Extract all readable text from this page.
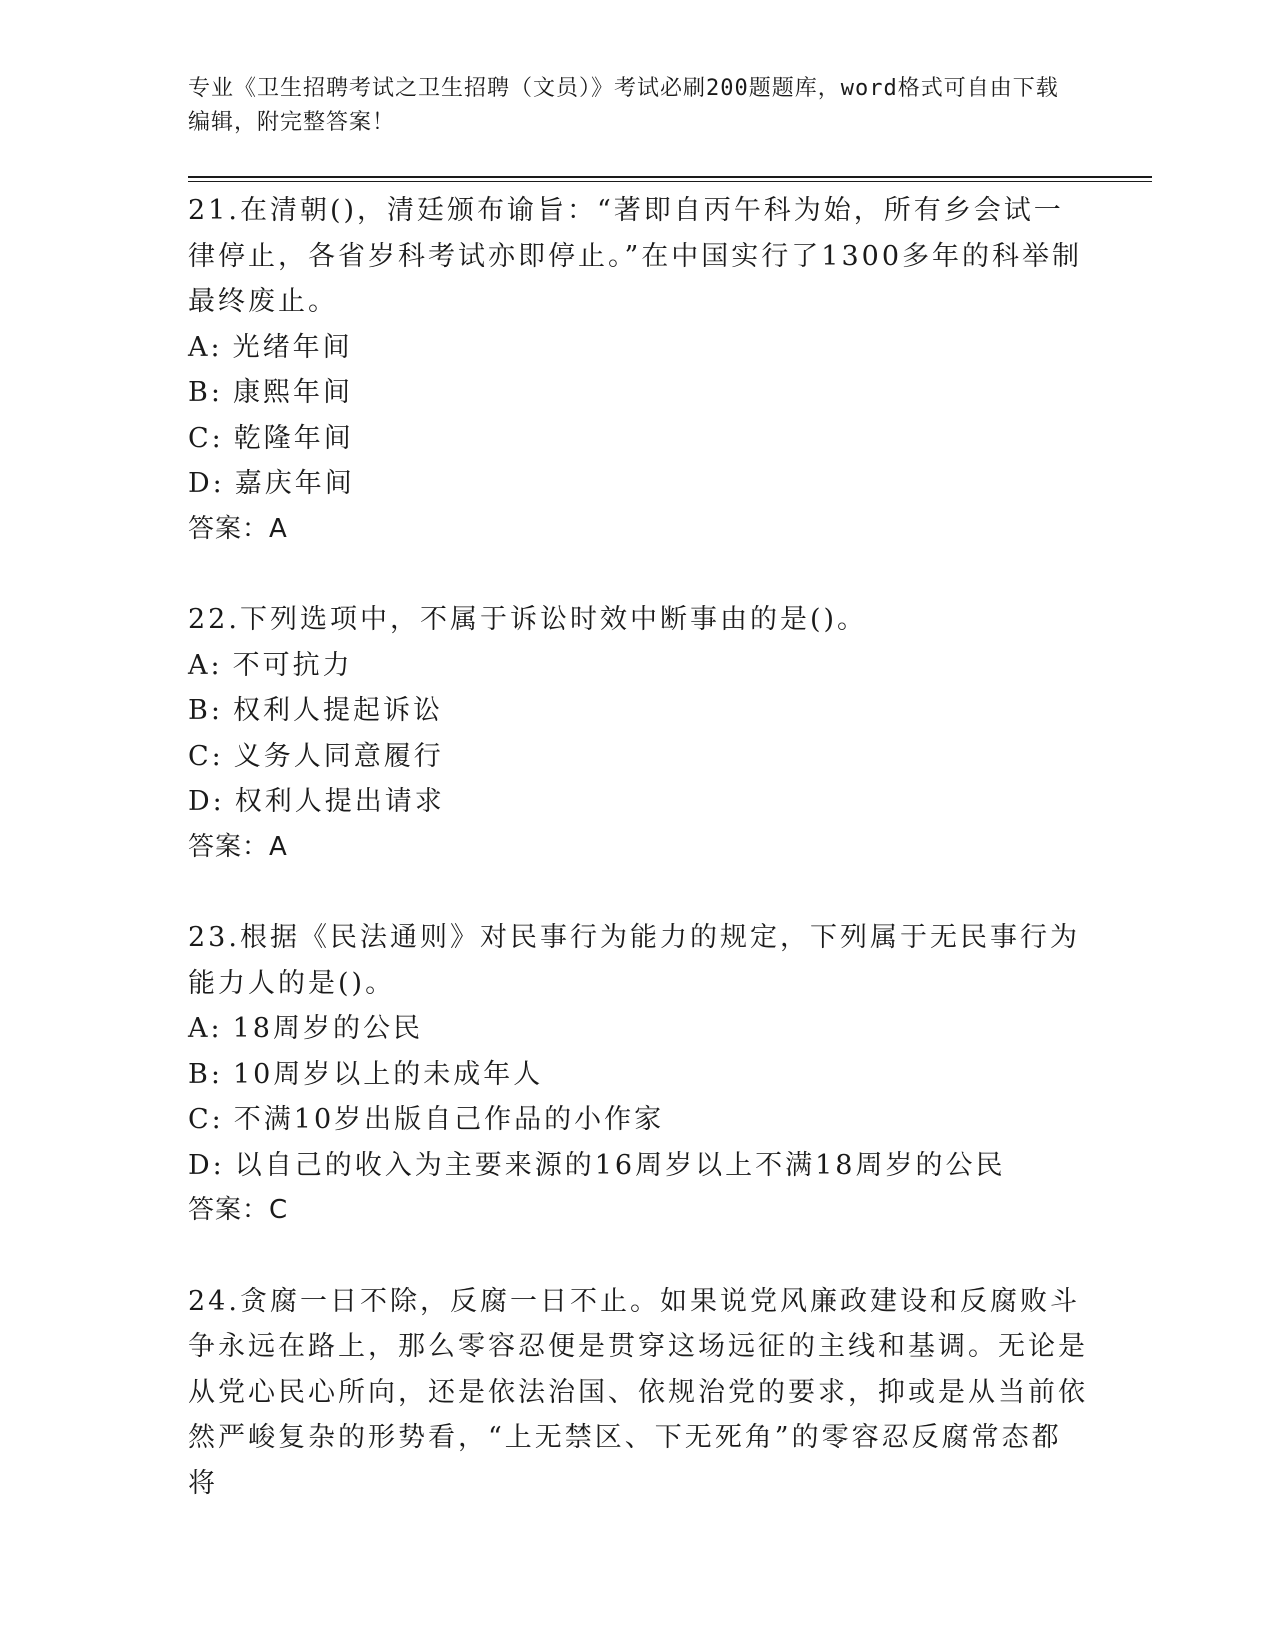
专业《卫生招聘考试之卫生招聘（文员）》考试必刷200题题库，word格式可自由下载编辑，附完整答案！

21.在清朝()，清廷颁布谕旨：“著即自丙午科为始，所有乡会试一律停止，各省岁科考试亦即停止。”在中国实行了1300多年的科举制最终废止。

A: 光绪年间

B: 康熙年间

C: 乾隆年间

D: 嘉庆年间

答案：A

22.下列选项中，不属于诉讼时效中断事由的是()。

A: 不可抗力

B: 权利人提起诉讼

C: 义务人同意履行

D: 权利人提出请求

答案：A

23.根据《民法通则》对民事行为能力的规定，下列属于无民事行为能力人的是()。

A: 18周岁的公民

B: 10周岁以上的未成年人

C: 不满10岁出版自己作品的小作家

D: 以自己的收入为主要来源的16周岁以上不满18周岁的公民

答案：C

24.贪腐一日不除，反腐一日不止。如果说党风廉政建设和反腐败斗争永远在路上，那么零容忍便是贯穿这场远征的主线和基调。无论是从党心民心所向，还是依法治国、依规治党的要求，抑或是从当前依然严峻复杂的形势看，“上无禁区、下无死角”的零容忍反腐常态都将
